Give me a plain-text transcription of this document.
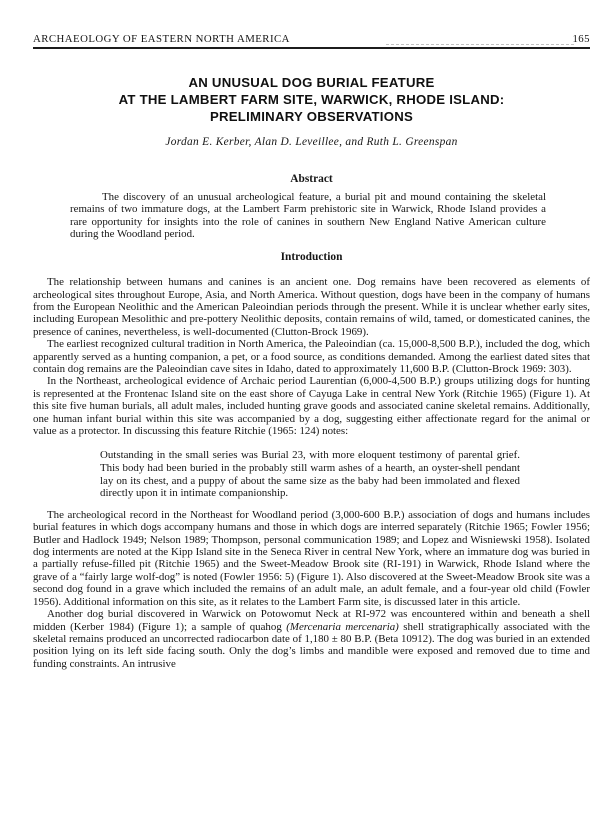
ARCHAEOLOGY OF EASTERN NORTH AMERICA	165
AN UNUSUAL DOG BURIAL FEATURE
AT THE LAMBERT FARM SITE, WARWICK, RHODE ISLAND:
PRELIMINARY OBSERVATIONS
Jordan E. Kerber, Alan D. Leveillee, and Ruth L. Greenspan
Abstract

The discovery of an unusual archeological feature, a burial pit and mound containing the skeletal remains of two immature dogs, at the Lambert Farm prehistoric site in Warwick, Rhode Island provides a rare opportunity for insights into the role of canines in southern New England Native American culture during the Woodland period.

Introduction

The relationship between humans and canines is an ancient one. Dog remains have been recovered as elements of archeological sites throughout Europe, Asia, and North America. Without question, dogs have been in the company of humans from the European Neolithic and the American Paleoindian periods through the present. While it is unclear whether early sites, including European Mesolithic and pre-pottery Neolithic deposits, contain remains of wild, tamed, or domesticated canines, the presence of canines, nevertheless, is well-documented (Clutton-Brock 1969).

The earliest recognized cultural tradition in North America, the Paleoindian (ca. 15,000-8,500 B.P.), included the dog, which apparently served as a hunting companion, a pet, or a food source, as conditions demanded. Among the earliest dated sites that contain dog remains are the Paleoindian cave sites in Idaho, dated to approximately 11,600 B.P. (Clutton-Brock 1969: 303).

In the Northeast, archeological evidence of Archaic period Laurentian (6,000-4,500 B.P.) groups utilizing dogs for hunting is represented at the Frontenac Island site on the east shore of Cayuga Lake in central New York (Ritchie 1965) (Figure 1). At this site five human burials, all adult males, included hunting grave goods and associated canine skeletal remains. Additionally, one human infant burial within this site was accompanied by a dog, suggesting either affectionate regard for the animal or value as a protector. In discussing this feature Ritchie (1965: 124) notes:

Outstanding in the small series was Burial 23, with more eloquent testimony of parental grief. This body had been buried in the probably still warm ashes of a hearth, an oyster-shell pendant lay on its chest, and a puppy of about the same size as the baby had been immolated and flexed directly upon it in intimate companionship.

The archeological record in the Northeast for Woodland period (3,000-600 B.P.) association of dogs and humans includes burial features in which dogs accompany humans and those in which dogs are interred separately (Ritchie 1965; Fowler 1956; Butler and Hadlock 1949; Nelson 1989; Thompson, personal communication 1989; and Lopez and Wisniewski 1958). Isolated dog interments are noted at the Kipp Island site in the Seneca River in central New York, where an immature dog was buried in a partially refuse-filled pit (Ritchie 1965) and the Sweet-Meadow Brook site (RI-191) in Warwick, Rhode Island where the grave of a “fairly large wolf-dog” is noted (Fowler 1956: 5) (Figure 1). Also discovered at the Sweet-Meadow Brook site was a second dog found in a grave which included the remains of an adult male, an adult female, and a four-year old child (Fowler 1956). Additional information on this site, as it relates to the Lambert Farm site, is discussed later in this article.

Another dog burial discovered in Warwick on Potowomut Neck at RI-972 was encountered within and beneath a shell midden (Kerber 1984) (Figure 1); a sample of quahog (Mercenaria mercenaria) shell stratigraphically associated with the skeletal remains produced an uncorrected radiocarbon date of 1,180 ± 80 B.P. (Beta 10912). The dog was buried in an extended position lying on its left side facing south. Only the dog’s limbs and mandible were exposed and removed due to time and funding constraints. An intrusive
